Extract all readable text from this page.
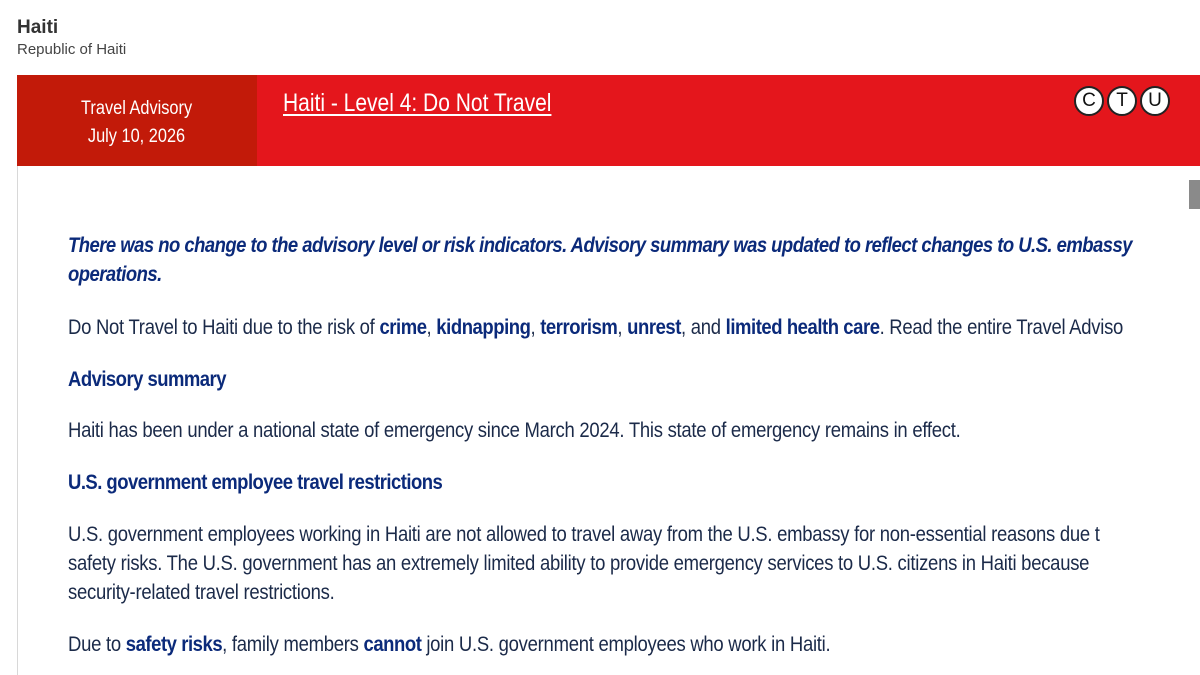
Haiti

Republic of Haiti

Travel Advisory
July 10, 2026
Haiti - Level 4: Do Not Travel	C	T	U
There was no change to the advisory level or risk indicators. Advisory summary was updated to reflect changes to U.S. embassy
operations.
Do Not Travel to Haiti due to the risk of crime, kidnapping, terrorism, unrest, and limited health care. Read the entire Travel Adviso
Advisory summary
Haiti has been under a national state of emergency since March 2024. This state of emergency remains in effect.
U.S. government employee travel restrictions
U.S. government employees working in Haiti are not allowed to travel away from the U.S. embassy for non-essential reasons due t
safety risks. The U.S. government has an extremely limited ability to provide emergency services to U.S. citizens in Haiti because
security-related travel restrictions.
Due to safety risks, family members cannot join U.S. government employees who work in Haiti.
